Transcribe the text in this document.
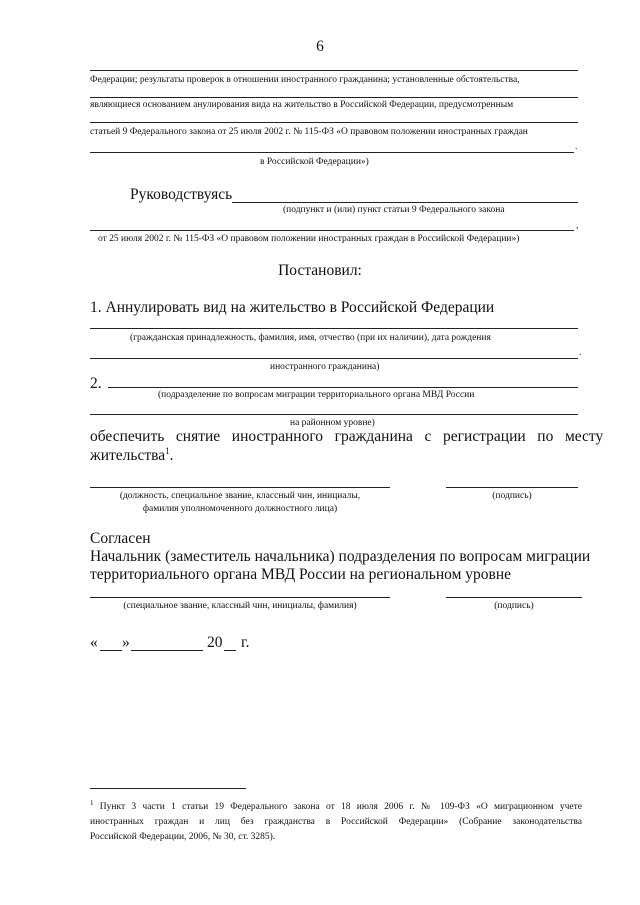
6
Федерации; результаты проверок в отношении иностранного гражданина; установленные обстоятельства,
являющиеся основанием анулирования вида на жительство в Российской Федерации, предусмотренным
статьей 9 Федерального закона от 25 июля 2002 г. № 115-ФЗ «О правовом положении иностранных граждан
.
в Российской Федерации»)
Руководствуясь
(подпункт и (или) пункт статьи 9 Федерального закона
,
от 25 июля 2002 г. № 115-ФЗ «О правовом положении иностранных граждан в Российской Федерации»)
Постановил:
1. Аннулировать вид на жительство в Российской Федерации
(гражданская принадлежность, фамилия, имя, отчество (при их наличии), дата рождения
.
иностранного гражданина)
2.
(подразделение по вопросам миграции территориального органа МВД России
на районном уровне)
обеспечить   снятие   иностранного   гражданина   с   регистрации   по   месту
жительства$^1$.
(должность, специальное звание, классный чин, инициалы,
фамилия уполномоченного должностного лица)
(подпись)
Согласен
Начальник (заместитель начальника) подразделения по вопросам миграции
территориального органа МВД России на региональном уровне
(специальное звание, классный чин, инициалы, фамилия)	(подпись)
« »	20 г.
$^1$ Пункт 3 части 1 статьи 19 Федерального закона от 18 июля 2006 г. № 109-ФЗ «О миграционном учете
иностранных граждан и лиц без гражданства в Российской Федерации» (Собрание законодательства
Российской Федерации, 2006, № 30, ст. 3285).
